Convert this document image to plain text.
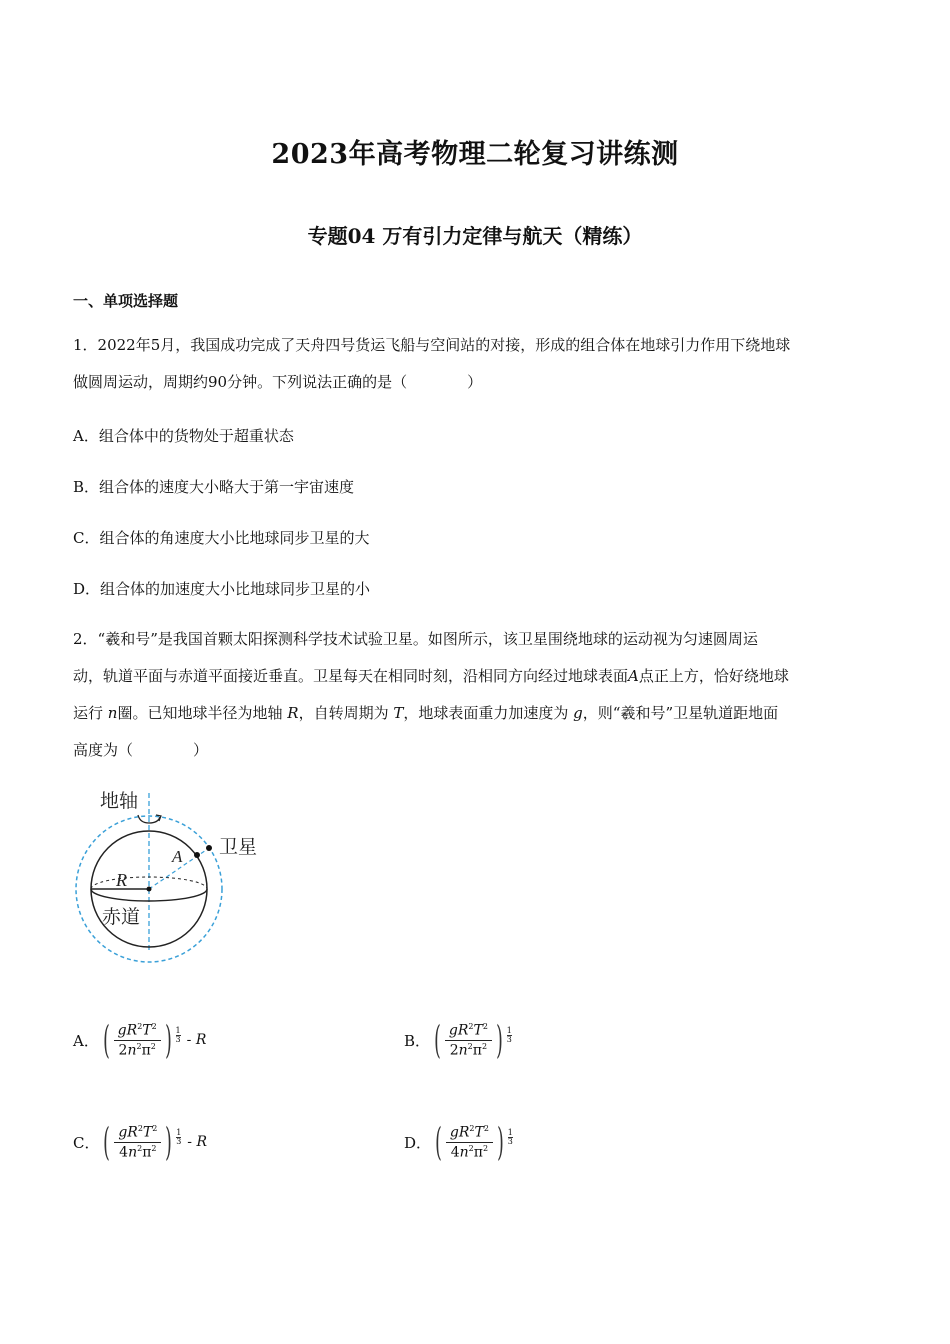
2023年高考物理二轮复习讲练测
专题04 万有引力定律与航天（精练）
一、单项选择题
1．2022年5月，我国成功完成了天舟四号货运飞船与空间站的对接，形成的组合体在地球引力作用下绕地球
做圆周运动，周期约90分钟。下列说法正确的是（　　　　）
A．组合体中的货物处于超重状态
B．组合体的速度大小略大于第一宇宙速度
C．组合体的角速度大小比地球同步卫星的大
D．组合体的加速度大小比地球同步卫星的小
2．“羲和号”是我国首颗太阳探测科学技术试验卫星。如图所示，该卫星围绕地球的运动视为匀速圆周运
动，轨道平面与赤道平面接近垂直。卫星每天在相同时刻，沿相同方向经过地球表面A点正上方，恰好绕地球
运行 n圈。已知地球半径为地轴 R，自转周期为 T，地球表面重力加速度为 g，则“羲和号”卫星轨道距地面
高度为（　　　　）
地轴
卫星
A
R
赤道
A． ( $\frac{gR^2T^2}{2n^2\pi^2}$ ) 1
3 - R	B． ( $\frac{gR^2T^2}{2n^2\pi^2}$ ) 1
3
C． ( $\frac{gR^2T^2}{4n^2\pi^2}$ ) 1
3 - R	D． ( $\frac{gR^2T^2}{4n^2\pi^2}$ ) 1
3
